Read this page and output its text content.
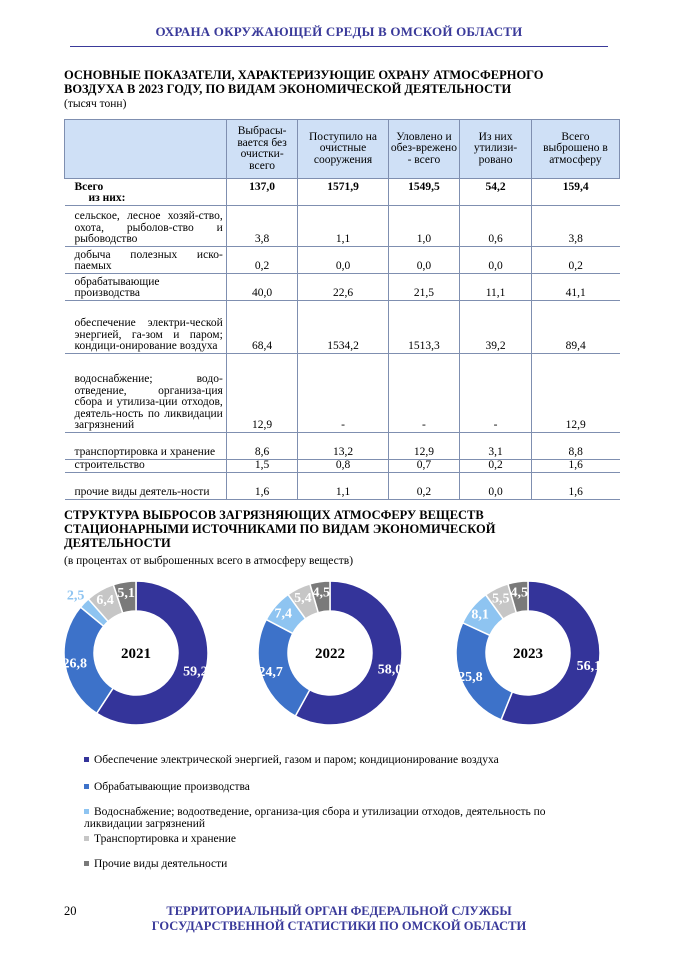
ОХРАНА ОКРУЖАЮЩЕЙ СРЕДЫ В ОМСКОЙ ОБЛАСТИ
ОСНОВНЫЕ ПОКАЗАТЕЛИ, ХАРАКТЕРИЗУЮЩИЕ ОХРАНУ АТМОСФЕРНОГО
ВОЗДУХА В 2023 ГОДУ, ПО ВИДАМ ЭКОНОМИЧЕСКОЙ ДЕЯТЕЛЬНОСТИ
(тысяч тонн)
	Выбрасы-вается без очистки-всего	Поступило на очистные сооружения	Уловлено и обез-врежено - всего	Из них утилизи-ровано	Всего выброшено в атмосферу
Всего	137,0	1571,9	1549,5	54,2	159,4
из них:					
сельское, лесное хозяй-ство, охота, рыболов-ство и рыбоводство	3,8	1,1	1,0	0,6	3,8
добыча полезных иско-паемых	0,2	0,0	0,0	0,0	0,2
обрабатывающие производства	40,0	22,6	21,5	11,1	41,1
обеспечение электри-ческой энергией, га-зом и паром; кондици-онирование воздуха	68,4	1534,2	1513,3	39,2	89,4
водоснабжение; водо-отведение, организа-ция сбора и утилиза-ции отходов, деятель-ность по ликвидации загрязнений	12,9	-	-	-	12,9
транспортировка и хранение	8,6	13,2	12,9	3,1	8,8
строительство	1,5	0,8	0,7	0,2	1,6
прочие виды деятель-ности	1,6	1,1	0,2	0,0	1,6
СТРУКТУРА ВЫБРОСОВ ЗАГРЯЗНЯЮЩИХ АТМОСФЕРУ ВЕЩЕСТВ
СТАЦИОНАРНЫМИ ИСТОЧНИКАМИ ПО ВИДАМ ЭКОНОМИЧЕСКОЙ
ДЕЯТЕЛЬНОСТИ
(в процентах от выброшенных всего в атмосферу веществ)
59,2
26,8
2,5 6,4 5,1
2021
58,0
24,7
7,4
5,4 4,5
2022
56,1
25,8
8,1
5,5 4,5
2023
Обеспечение электрической энергией, газом и паром; кондиционирование воздуха
Обрабатывающие производства
Водоснабжение; водоотведение, организа-ция сбора и утилизации отходов, деятельность по ликвидации загрязнений
Транспортировка и хранение
Прочие виды деятельности
20	ТЕРРИТОРИАЛЬНЫЙ ОРГАН ФЕДЕРАЛЬНОЙ СЛУЖБЫ
ГОСУДАРСТВЕННОЙ СТАТИСТИКИ ПО ОМСКОЙ ОБЛАСТИ
